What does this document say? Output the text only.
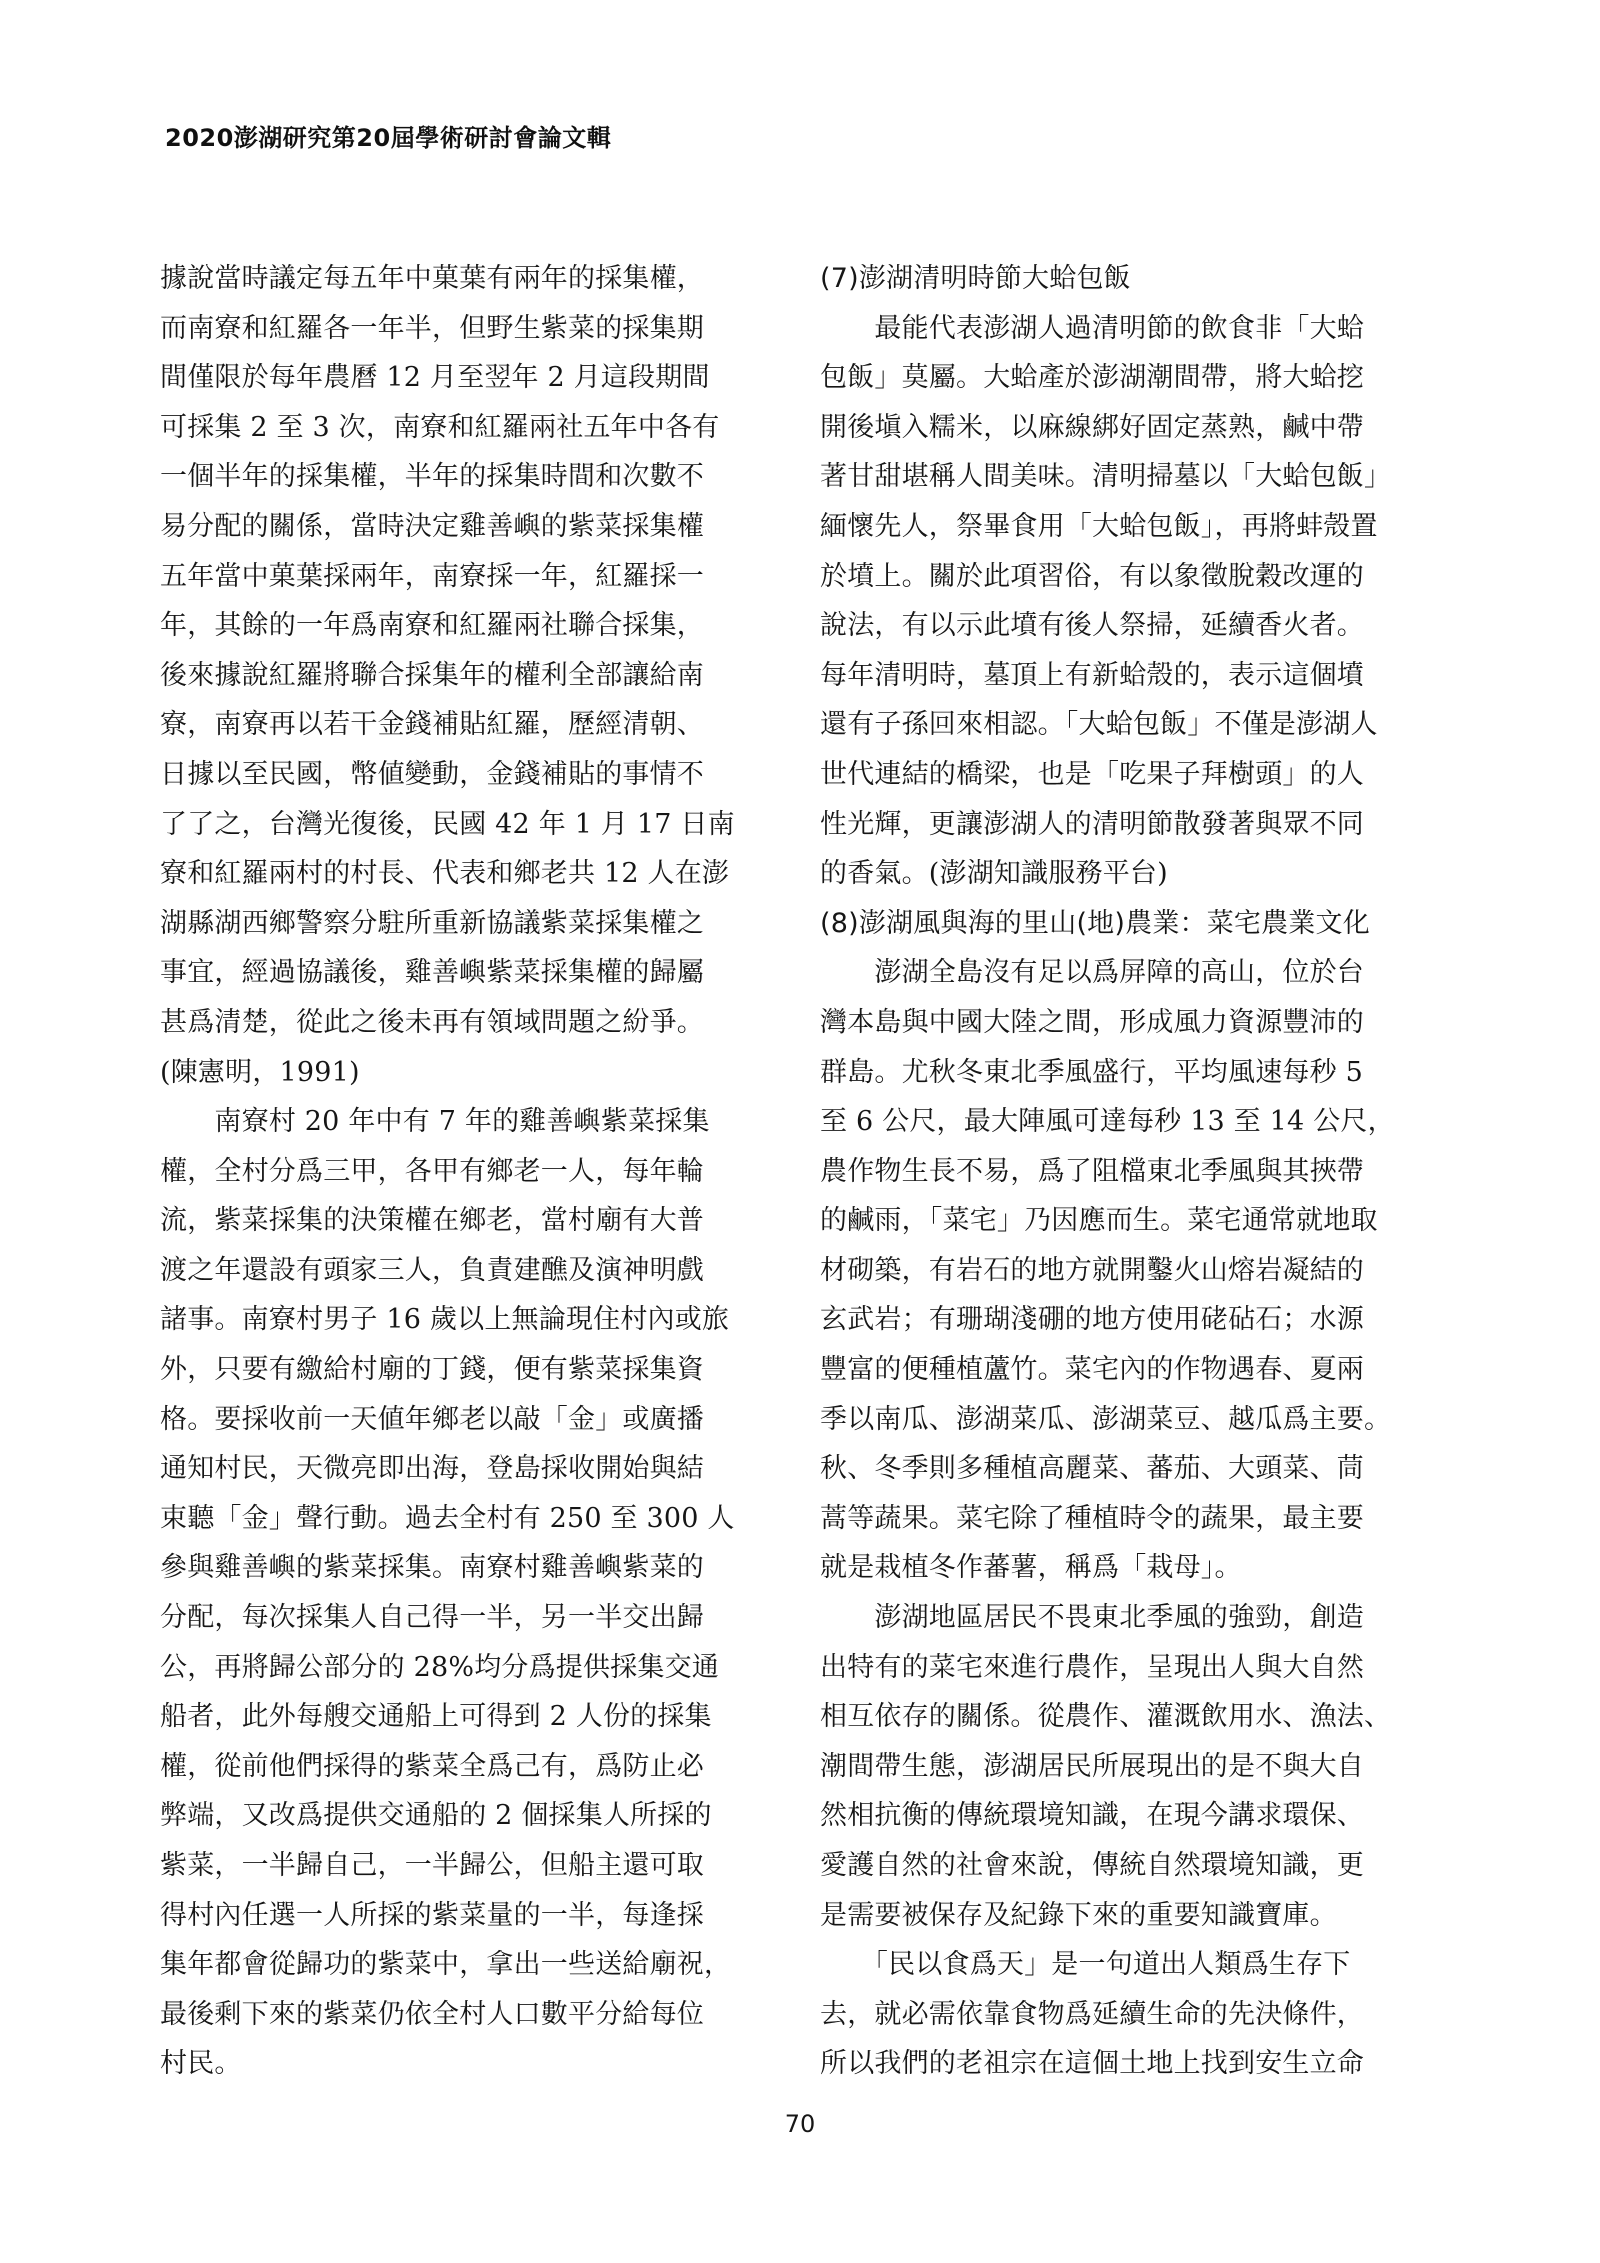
2020澎湖研究第20屆學術研討會論文輯
據說當時議定每五年中菓葉有兩年的採集權，
而南寮和紅羅各一年半，但野生紫菜的採集期
間僅限於每年農曆 12 月至翌年 2 月這段期間
可採集 2 至 3 次，南寮和紅羅兩社五年中各有
一個半年的採集權，半年的採集時間和次數不
易分配的關係，當時決定雞善嶼的紫菜採集權
五年當中菓葉採兩年，南寮採一年，紅羅採一
年，其餘的一年爲南寮和紅羅兩社聯合採集，
後來據說紅羅將聯合採集年的權利全部讓給南
寮，南寮再以若干金錢補貼紅羅，歷經清朝、
日據以至民國，幣値變動，金錢補貼的事情不
了了之，台灣光復後，民國 42 年 1 月 17 日南
寮和紅羅兩村的村長、代表和鄉老共 12 人在澎
湖縣湖西鄉警察分駐所重新協議紫菜採集權之
事宜，經過協議後，雞善嶼紫菜採集權的歸屬
甚爲清楚，從此之後未再有領域問題之紛爭。
(陳憲明，1991)
　　南寮村 20 年中有 7 年的雞善嶼紫菜採集
權，全村分爲三甲，各甲有鄉老一人，每年輪
流，紫菜採集的決策權在鄉老，當村廟有大普
渡之年還設有頭家三人，負責建醮及演神明戲
諸事。南寮村男子 16 歲以上無論現住村內或旅
外，只要有繳給村廟的丁錢，便有紫菜採集資
格。要採收前一天値年鄉老以敲「金」或廣播
通知村民，天微亮即出海，登島採收開始與結
束聽「金」聲行動。過去全村有 250 至 300 人
參與雞善嶼的紫菜採集。南寮村雞善嶼紫菜的
分配，每次採集人自己得一半，另一半交出歸
公，再將歸公部分的 28%均分爲提供採集交通
船者，此外每艘交通船上可得到 2 人份的採集
權，從前他們採得的紫菜全爲己有，爲防止必
弊端，又改爲提供交通船的 2 個採集人所採的
紫菜，一半歸自己，一半歸公，但船主還可取
得村內任選一人所採的紫菜量的一半，每逢採
集年都會從歸功的紫菜中，拿出一些送給廟祝，
最後剩下來的紫菜仍依全村人口數平分給每位
村民。
(7)澎湖清明時節大蛤包飯
　　最能代表澎湖人過清明節的飲食非「大蛤
包飯」莫屬。大蛤產於澎湖潮間帶，將大蛤挖
開後塡入糯米，以麻線綁好固定蒸熟，鹹中帶
著甘甜堪稱人間美味。清明掃墓以「大蛤包飯」
緬懷先人，祭畢食用「大蛤包飯」，再將蚌殼置
於墳上。關於此項習俗，有以象徵脫穀改運的
說法，有以示此墳有後人祭掃，延續香火者。
每年清明時，墓頂上有新蛤殼的，表示這個墳
還有子孫回來相認。「大蛤包飯」不僅是澎湖人
世代連結的橋梁，也是「吃果子拜樹頭」的人
性光輝，更讓澎湖人的清明節散發著與眾不同
的香氣。(澎湖知識服務平台)
(8)澎湖風與海的里山(地)農業：菜宅農業文化
　　澎湖全島沒有足以爲屏障的高山，位於台
灣本島與中國大陸之間，形成風力資源豐沛的
群島。尤秋冬東北季風盛行，平均風速每秒 5
至 6 公尺，最大陣風可達每秒 13 至 14 公尺，
農作物生長不易，爲了阻檔東北季風與其挾帶
的鹹雨，「菜宅」乃因應而生。菜宅通常就地取
材砌築，有岩石的地方就開鑿火山熔岩凝結的
玄武岩；有珊瑚淺硼的地方使用硓砧石；水源
豐富的便種植蘆竹。菜宅內的作物遇春、夏兩
季以南瓜、澎湖菜瓜、澎湖菜豆、越瓜爲主要。
秋、冬季則多種植高麗菜、蕃茄、大頭菜、茼
蒿等蔬果。菜宅除了種植時令的蔬果，最主要
就是栽植冬作蕃薯，稱爲「栽母」。
　　澎湖地區居民不畏東北季風的強勁，創造
出特有的菜宅來進行農作，呈現出人與大自然
相互依存的關係。從農作、灌溉飲用水、漁法、
潮間帶生態，澎湖居民所展現出的是不與大自
然相抗衡的傳統環境知識，在現今講求環保、
愛護自然的社會來說，傳統自然環境知識，更
是需要被保存及紀錄下來的重要知識寶庫。
　　「民以食爲天」是一句道出人類爲生存下
去，就必需依靠食物爲延續生命的先決條件，
所以我們的老祖宗在這個土地上找到安生立命
70
